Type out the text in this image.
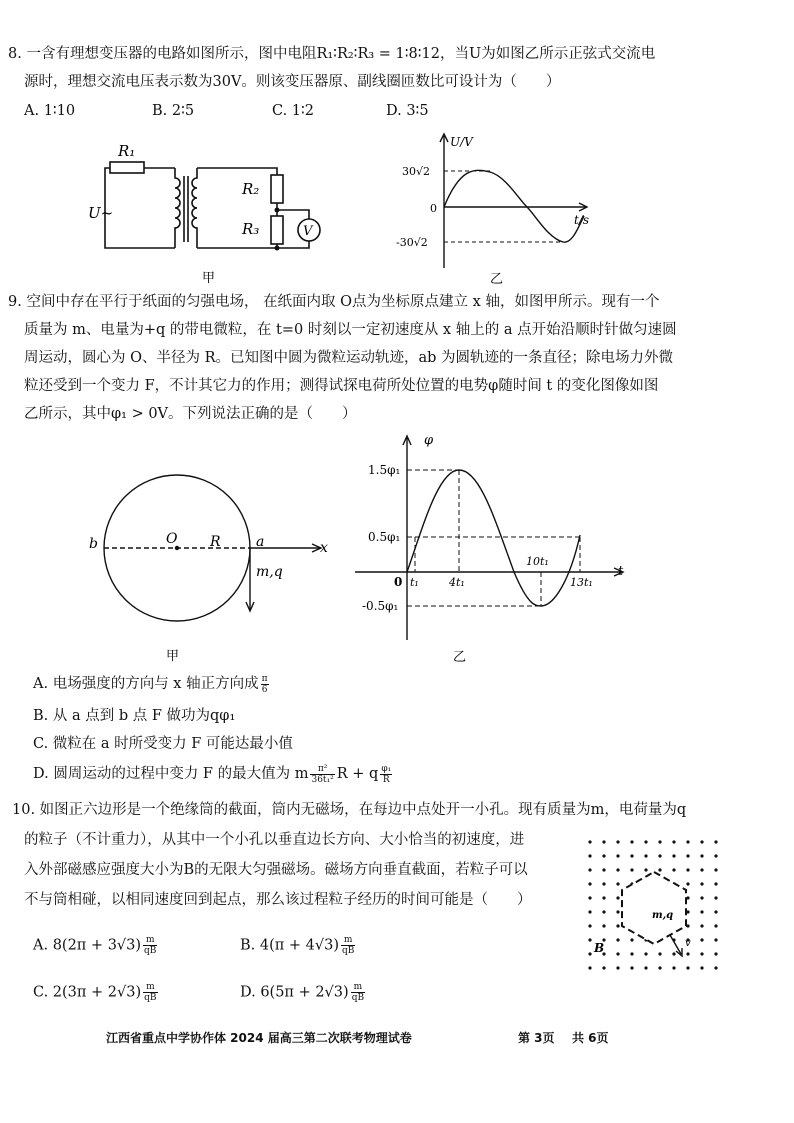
8. 一含有理想变压器的电路如图所示，图中电阻R₁∶R₂∶R₃ = 1∶8∶12，当U为如图乙所示正弦式交流电
源时，理想交流电压表示数为30V。则该变压器原、副线圈匝数比可设计为（　　）
A. 1∶10	B. 2∶5	C. 1∶2	D. 3∶5
R₁
U~
R₂
R₃	V
甲
U/V
t/s
30√2
0
-30√2
乙
9. 空间中存在平行于纸面的匀强电场， 在纸面内取 O点为坐标原点建立 x 轴，如图甲所示。现有一个
质量为 m、电量为+q 的带电微粒，在 t=0 时刻以一定初速度从 x 轴上的 a 点开始沿顺时针做匀速圆
周运动，圆心为 O、半径为 R。已知图中圆为微粒运动轨迹，ab 为圆轨迹的一条直径；除电场力外微
粒还受到一个变力 F，不计其它力的作用；测得试探电荷所处位置的电势φ随时间 t 的变化图像如图
乙所示，其中φ₁ > 0V。下列说法正确的是（　　）
b	O R	a	x
m,q
甲
φ
t
1.5φ₁
0.5φ₁
-0.5φ₁
0 t₁	4t₁
10t₁
13t₁
乙
A. 电场强度的方向与 x 轴正方向成 $\frac{\pi}{6}$
B. 从 a 点到 b 点 F 做功为qφ₁
C. 微粒在 a 时所受变力 F 可能达最小值
D. 圆周运动的过程中变力 F 的最大值为 m $\frac{\text{π²}}{\text{36t₁²}}$ R + q $\frac{\text{φ₁}}{R}$
10. 如图正六边形是一个绝缘筒的截面，筒内无磁场，在每边中点处开一小孔。现有质量为m，电荷量为q
的粒子（不计重力），从其中一个小孔以垂直边长方向、大小恰当的初速度，进
入外部磁感应强度大小为B的无限大匀强磁场。磁场方向垂直截面，若粒子可以
不与筒相碰，以相同速度回到起点，那么该过程粒子经历的时间可能是（　　）
A. $8(2\pi + 3√3) \frac{m}{qB}$	B. $4(\pi + 4√3) \frac{m}{qB}$
C. $2(3\pi + 2√3) \frac{m}{qB}$	D. $6(5\pi + 2√3) \frac{m}{qB}$
m,q
B	v
江西省重点中学协作体 2024 届高三第二次联考物理试卷	第 3页 共 6页
